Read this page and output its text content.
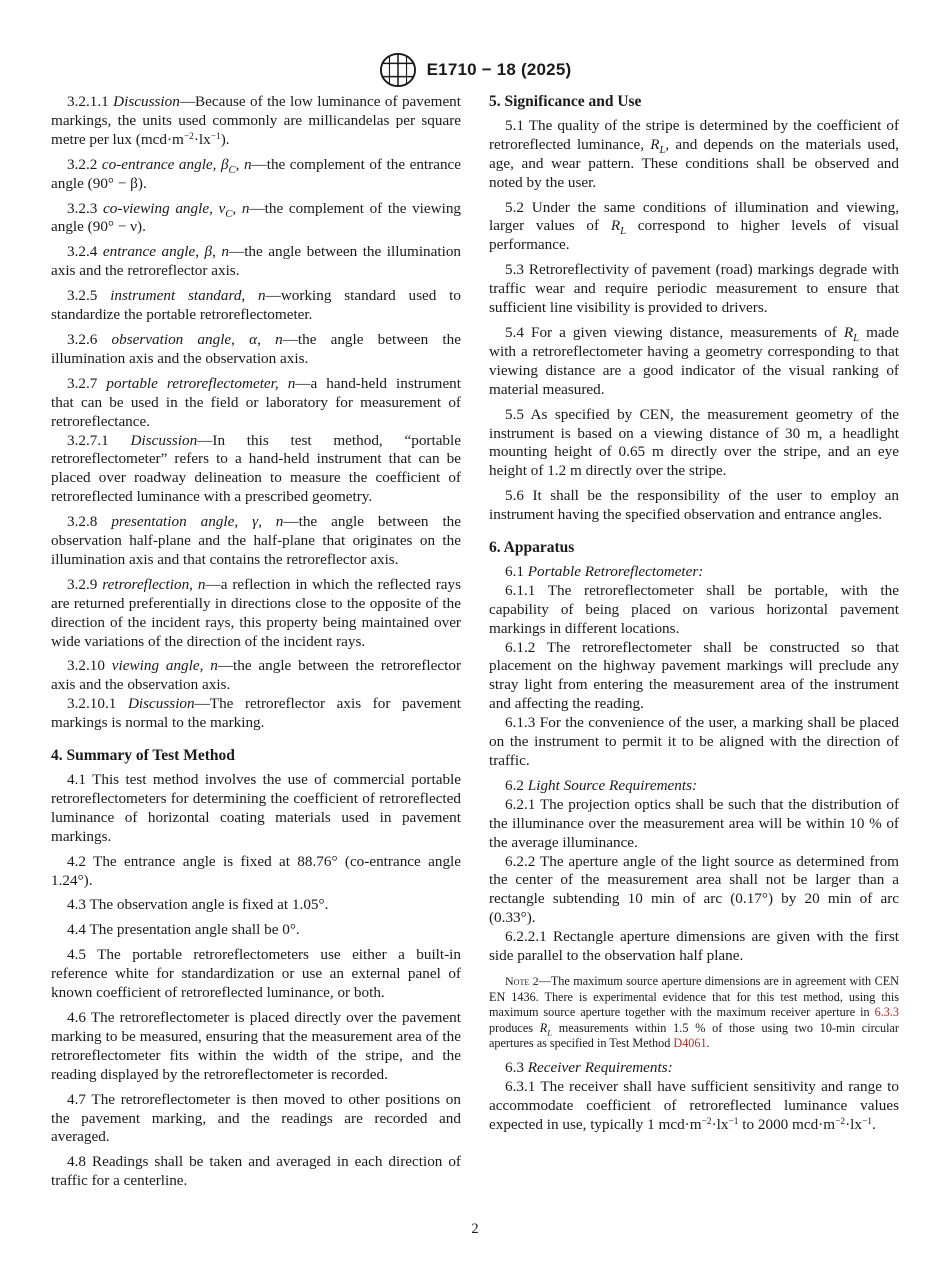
E1710 − 18 (2025)

3.2.1.1 Discussion—Because of the low luminance of pavement markings, the units used commonly are millicandelas per square metre per lux $(mcd\cdot m^{-2}\cdot lx^{-1})$.

3.2.2 co-entrance angle, $\beta_C$, n—the complement of the entrance angle (90° − β).

3.2.3 co-viewing angle, $v_C$, n—the complement of the viewing angle (90° − ν).

3.2.4 entrance angle, β, n—the angle between the illumination axis and the retroreflector axis.

3.2.5 instrument standard, n—working standard used to standardize the portable retroreflectometer.

3.2.6 observation angle, α, n—the angle between the illumination axis and the observation axis.

3.2.7 portable retroreflectometer, n—a hand-held instrument that can be used in the field or laboratory for measurement of retroreflectance.

3.2.7.1 Discussion—In this test method, “portable retroreflectometer” refers to a hand-held instrument that can be placed over roadway delineation to measure the coefficient of retroreflected luminance with a prescribed geometry.

3.2.8 presentation angle, γ, n—the angle between the observation half-plane and the half-plane that originates on the illumination axis and that contains the retroreflector axis.

3.2.9 retroreflection, n—a reflection in which the reflected rays are returned preferentially in directions close to the opposite of the direction of the incident rays, this property being maintained over wide variations of the direction of the incident rays.

3.2.10 viewing angle, n—the angle between the retroreflector axis and the observation axis.

3.2.10.1 Discussion—The retroreflector axis for pavement markings is normal to the marking.

4. Summary of Test Method

4.1 This test method involves the use of commercial portable retroreflectometers for determining the coefficient of retroreflected luminance of horizontal coating materials used in pavement markings.

4.2 The entrance angle is fixed at 88.76° (co-entrance angle 1.24°).

4.3 The observation angle is fixed at 1.05°.

4.4 The presentation angle shall be 0°.

4.5 The portable retroreflectometers use either a built-in reference white for standardization or use an external panel of known coefficient of retroreflected luminance, or both.

4.6 The retroreflectometer is placed directly over the pavement marking to be measured, ensuring that the measurement area of the retroreflectometer fits within the width of the stripe, and the reading displayed by the retroreflectometer is recorded.

4.7 The retroreflectometer is then moved to other positions on the pavement marking, and the readings are recorded and averaged.

4.8 Readings shall be taken and averaged in each direction of traffic for a centerline.

5. Significance and Use

5.1 The quality of the stripe is determined by the coefficient of retroreflected luminance, $R_L$, and depends on the materials used, age, and wear pattern. These conditions shall be observed and noted by the user.

5.2 Under the same conditions of illumination and viewing, larger values of $R_L$ correspond to higher levels of visual performance.

5.3 Retroreflectivity of pavement (road) markings degrade with traffic wear and require periodic measurement to ensure that sufficient line visibility is provided to drivers.

5.4 For a given viewing distance, measurements of $R_L$ made with a retroreflectometer having a geometry corresponding to that viewing distance are a good indicator of the visual ranking of material measured.

5.5 As specified by CEN, the measurement geometry of the instrument is based on a viewing distance of 30 m, a headlight mounting height of 0.65 m directly over the stripe, and an eye height of 1.2 m directly over the stripe.

5.6 It shall be the responsibility of the user to employ an instrument having the specified observation and entrance angles.

6. Apparatus

6.1 Portable Retroreflectometer:

6.1.1 The retroreflectometer shall be portable, with the capability of being placed on various horizontal pavement markings in different locations.

6.1.2 The retroreflectometer shall be constructed so that placement on the highway pavement markings will preclude any stray light from entering the measurement area of the instrument and affecting the reading.

6.1.3 For the convenience of the user, a marking shall be placed on the instrument to permit it to be aligned with the direction of traffic.

6.2 Light Source Requirements:

6.2.1 The projection optics shall be such that the distribution of the illuminance over the measurement area will be within 10 % of the average illuminance.

6.2.2 The aperture angle of the light source as determined from the center of the measurement area shall not be larger than a rectangle subtending 10 min of arc (0.17°) by 20 min of arc (0.33°).

6.2.2.1 Rectangle aperture dimensions are given with the first side parallel to the observation half plane.

Note 2—The maximum source aperture dimensions are in agreement with CEN EN 1436. There is experimental evidence that for this test method, using this maximum source aperture together with the maximum receiver aperture in 6.3.3 produces $R_L$ measurements within 1.5 % of those using two 10-min circular apertures as specified in Test Method D4061.

6.3 Receiver Requirements:

6.3.1 The receiver shall have sufficient sensitivity and range to accommodate coefficient of retroreflected luminance values expected in use, typically 1 $mcd\cdot m^{-2}\cdot lx^{-1}$ to 2000 $mcd\cdot m^{-2}\cdot lx^{-1}$.

2
